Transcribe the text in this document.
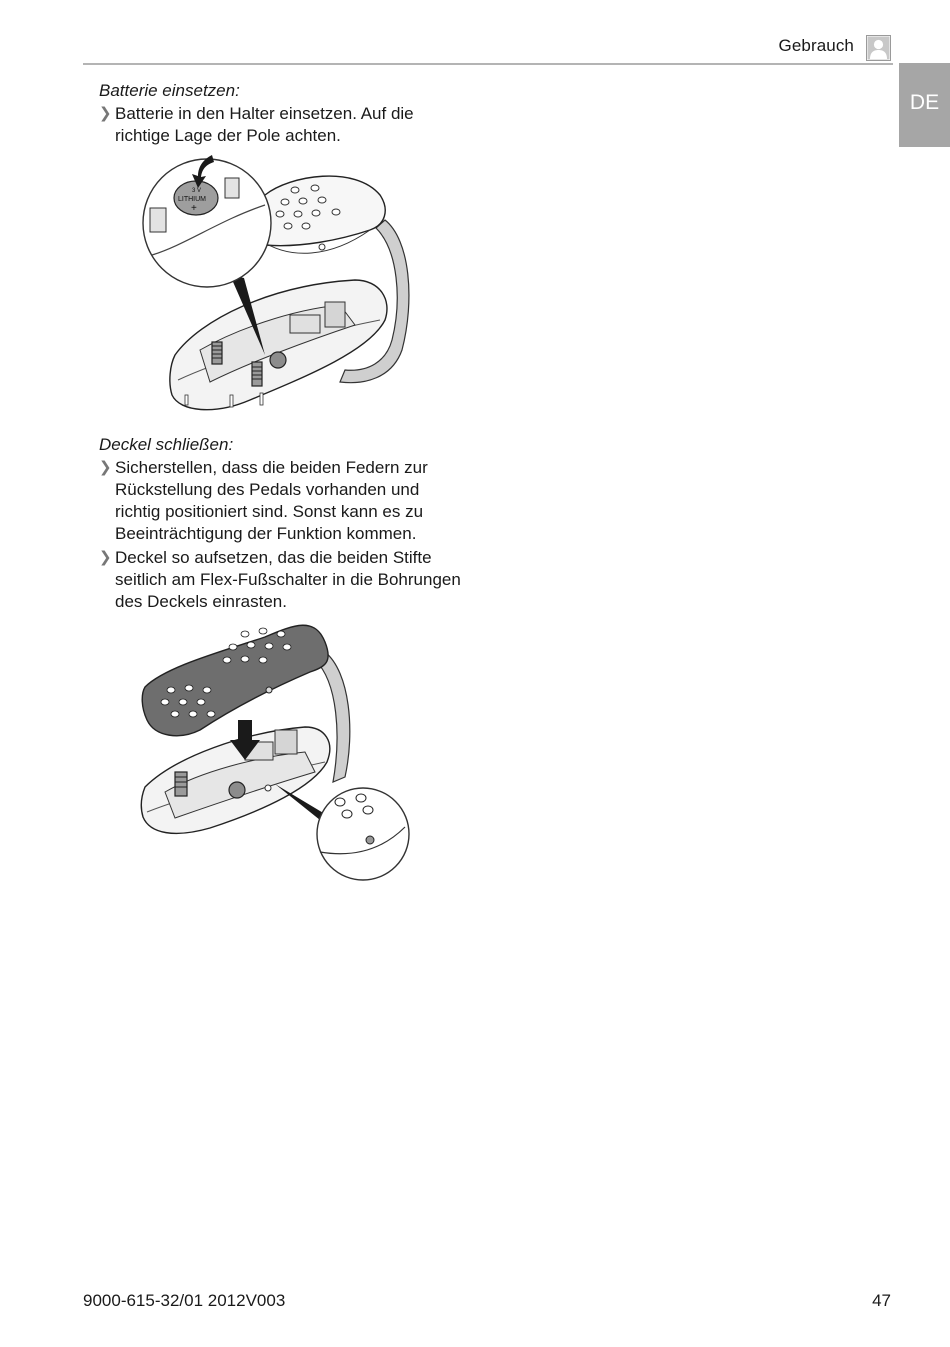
Gebrauch
DE
Batterie einsetzen:
❯ Batterie in den Halter einsetzen. Auf die richtige Lage der Pole achten.
3 V
LITHIUM
+
Deckel schließen:
❯ Sicherstellen, dass die beiden Federn zur Rückstellung des Pedals vorhanden und richtig positioniert sind. Sonst kann es zu Beeinträchtigung der Funktion kommen.
❯ Deckel so aufsetzen, das die beiden Stifte seitlich am Flex-Fußschalter in die Bohrungen des Deckels einrasten.
9000-615-32/01 2012V003	47
